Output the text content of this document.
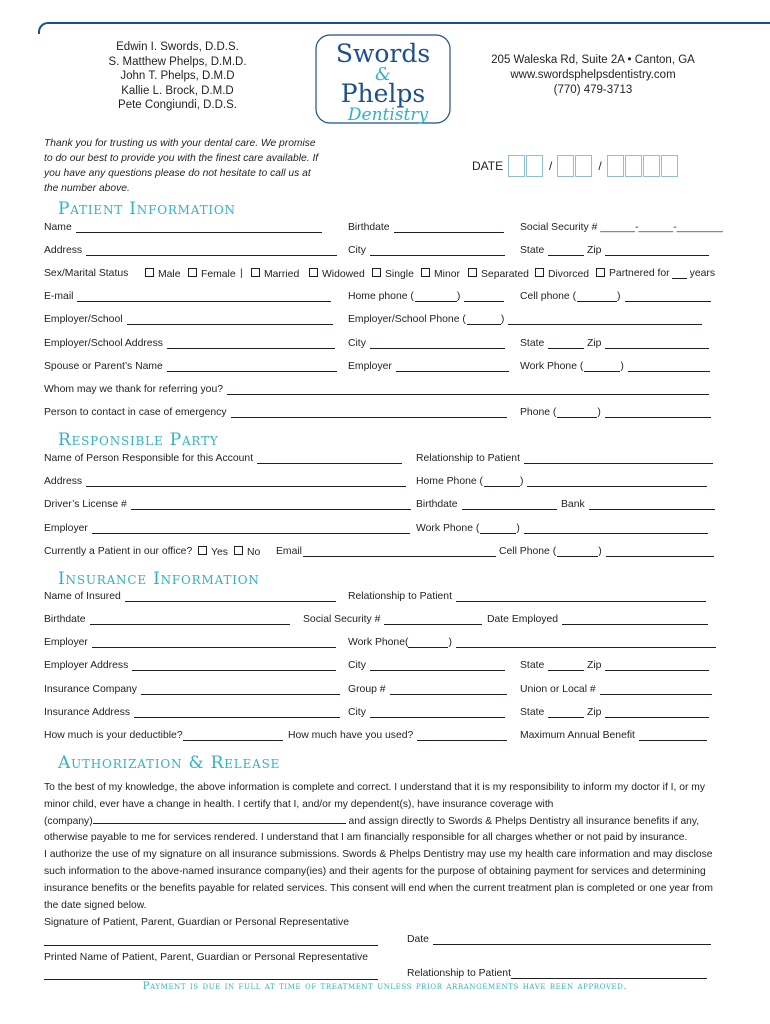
Edwin I. Swords, D.D.S.
S. Matthew Phelps, D.M.D.
John T. Phelps, D.M.D
Kallie L. Brock, D.M.D
Pete Congiundi, D.D.S.
Swords
&
Phelps
Dentistry
205 Waleska Rd, Suite 2A • Canton, GA
www.swordsphelpsdentistry.com
(770) 479-3713
Thank you for trusting us with your dental care. We promise to do our best to provide you with the finest care available. If you have any questions please do not hesitate to call us at the number above.
DATE	/	/
Patient Information
Name	Birthdate	Social Security # ______-______-________
Address	City	State	Zip
Sex/Marital Status	Male	Female |	Married	Widowed	Single	Minor	Separated	Divorced Partnered for years
E-mail	Home phone (	)	Cell phone (	)
Employer/School	Employer/School Phone (	)
Employer/School Address	City	State	Zip
Spouse or Parent’s Name	Employer	Work Phone (	)
Whom may we thank for referring you?
Person to contact in case of emergency	Phone (	)
Responsible Party
Name of Person Responsible for this Account	Relationship to Patient
Address	Home Phone (	)
Driver’s License #	Birthdate	Bank
Employer	Work Phone (	)
Currently a Patient in our office?	Yes	No Email	Cell Phone (	)
Insurance Information
Name of Insured	Relationship to Patient
Birthdate	Social Security #	Date Employed
Employer	Work Phone(	)
Employer Address	City	State	Zip
Insurance Company	Group #	Union or Local #
Insurance Address	City	State	Zip
How much is your deductible?	How much have you used?	Maximum Annual Benefit
Authorization & Release

To the best of my knowledge, the above information is complete and correct. I understand that it is my responsibility to inform my doctor if I, or my minor child, ever have a change in health. I certify that I, and/or my dependent(s), have insurance coverage with
(company)	and assign directly to Swords & Phelps Dentistry all insurance benefits if any, otherwise payable to me for services rendered. I understand that I am financially responsible for all charges whether or not paid by insurance.

I authorize the use of my signature on all insurance submissions. Swords & Phelps Dentistry may use my health care information and may disclose such information to the above-named insurance company(ies) and their agents for the purpose of obtaining payment for services and determining insurance benefits or the benefits payable for related services. This consent will end when the current treatment plan is completed or one year from the date signed below.

Signature of Patient, Parent, Guardian or Personal Representative
Date
Printed Name of Patient, Parent, Guardian or Personal Representative
Relationship to Patient
Payment is due in full at time of treatment unless prior arrangements have been approved.
